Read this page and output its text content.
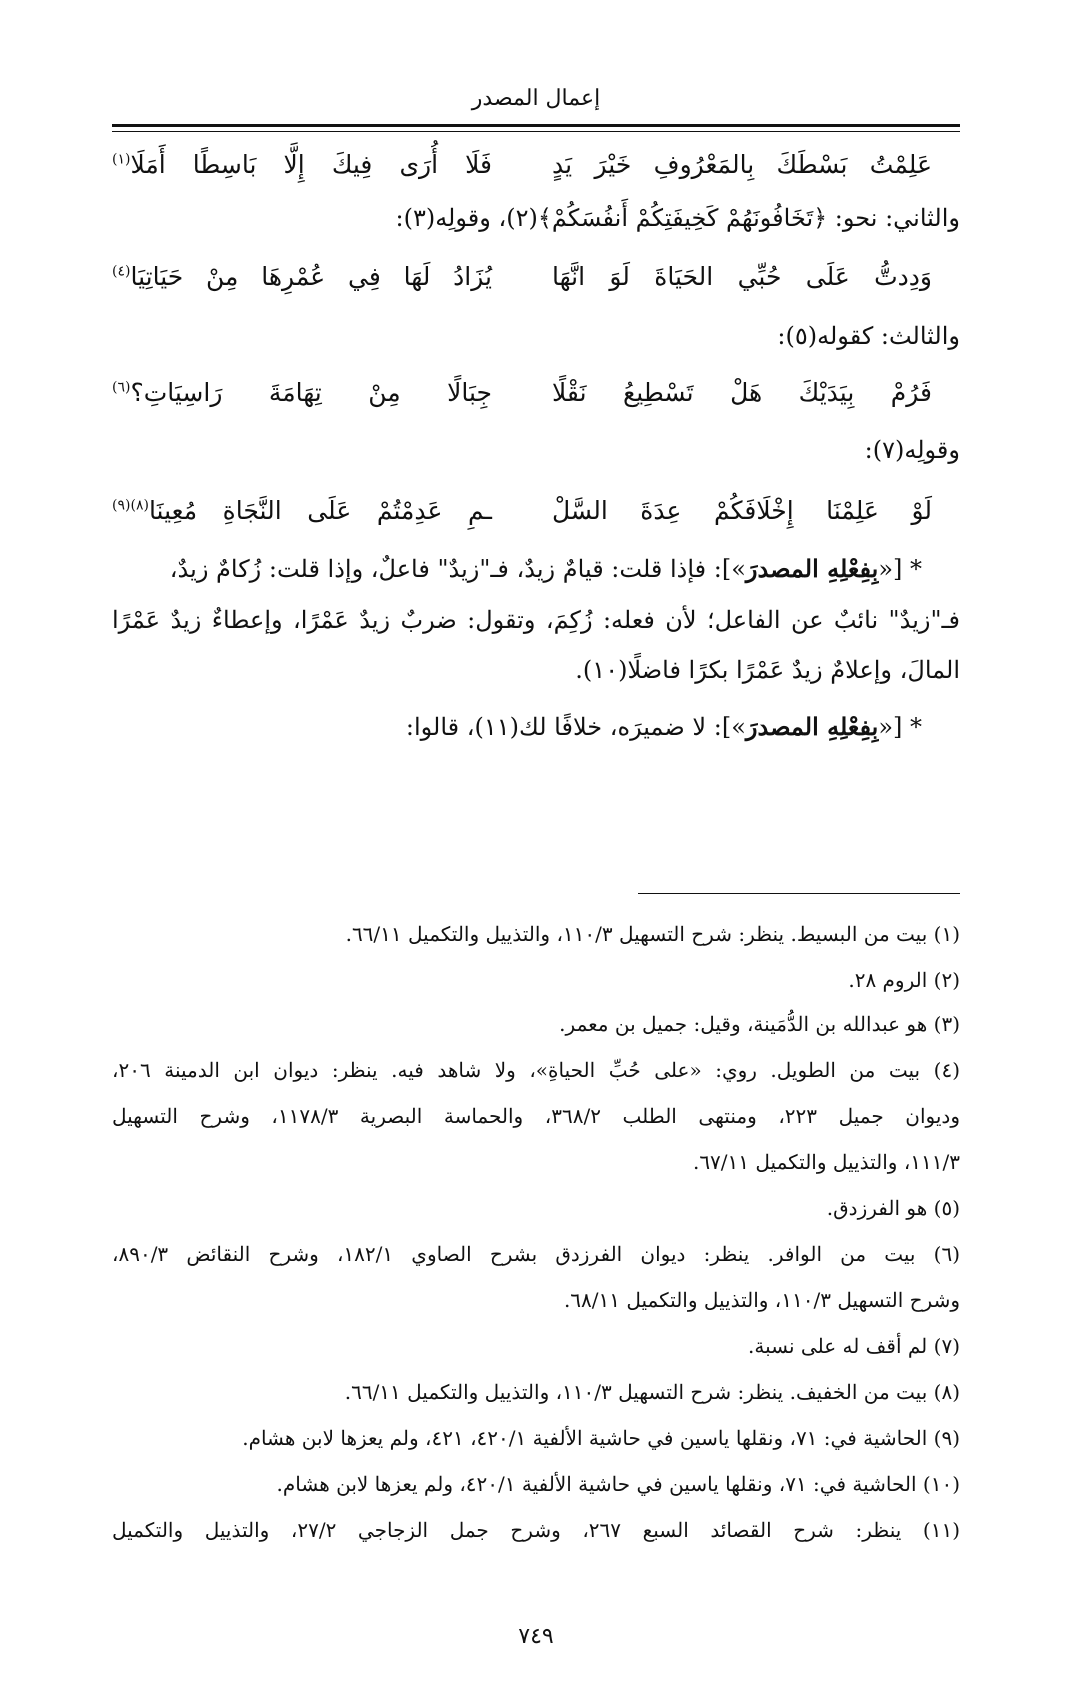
إعمال المصدر
عَلِمْتُ بَسْطَكَ بِالمَعْرُوفِ خَيْرَ يَدٍ
فَلَا أُرَى فِيكَ إِلَّا بَاسِطًا أَمَلَا$^{(١)}$
والثاني: نحو: ﴿تَخَافُونَهُمْ كَخِيفَتِكُمْ أَنفُسَكُمْ﴾(٢)، وقولِه(٣):
وَدِدتُّ عَلَى حُبِّي الحَيَاةَ لَوَ انَّهَا
يُزَادُ لَهَا فِي عُمْرِهَا مِنْ حَيَاتِيَا$^{(٤)}$
والثالث: كقوله(٥):
فَرُمْ بِيَدَيْكَ هَلْ تَسْطِيعُ نَقْلًا
جِبَالًا مِنْ تِهَامَةَ رَاسِيَاتِ؟$^{(٦)}$
وقولِه(٧):
لَوْ عَلِمْنَا إِخْلَافَكُمْ عِدَةَ السَّلْ
ـمِ عَدِمْتُمْ عَلَى النَّجَاةِ مُعِينَا$^{(٨)(٩)}$
* [«بِفِعْلِهِ المصدرَ»]: فإذا قلت: قيامٌ زيدٌ، فـ"زيدٌ" فاعلٌ، وإذا قلت: زُكامٌ زيدٌ،
فـ"زيدٌ" نائبٌ عن الفاعل؛ لأن فعله: زُكِمَ، وتقول: ضربٌ زيدٌ عَمْرًا، وإعطاءٌ زيدٌ عَمْرًا
المالَ، وإعلامٌ زيدٌ عَمْرًا بكرًا فاضلًا(١٠).
* [«بِفِعْلِهِ المصدرَ»]: لا ضميرَه، خلافًا لك(١١)، قالوا:
(١) بيت من البسيط. ينظر: شرح التسهيل ١١٠/٣، والتذييل والتكميل ٦٦/١١.
(٢) الروم ٢٨.
(٣) هو عبدالله بن الدُّمَينة، وقيل: جميل بن معمر.
(٤) بيت من الطويل. روي: «على حُبِّ الحياةِ»، ولا شاهد فيه. ينظر: ديوان ابن الدمينة ٢٠٦،
وديوان جميل ٢٢٣، ومنتهى الطلب ٣٦٨/٢، والحماسة البصرية ١١٧٨/٣، وشرح التسهيل
١١١/٣، والتذييل والتكميل ٦٧/١١.
(٥) هو الفرزدق.
(٦) بيت من الوافر. ينظر: ديوان الفرزدق بشرح الصاوي ١٨٢/١، وشرح النقائض ٨٩٠/٣،
وشرح التسهيل ١١٠/٣، والتذييل والتكميل ٦٨/١١.
(٧) لم أقف له على نسبة.
(٨) بيت من الخفيف. ينظر: شرح التسهيل ١١٠/٣، والتذييل والتكميل ٦٦/١١.
(٩) الحاشية في: ٧١، ونقلها ياسين في حاشية الألفية ٤٢٠/١، ٤٢١، ولم يعزها لابن هشام.
(١٠) الحاشية في: ٧١، ونقلها ياسين في حاشية الألفية ٤٢٠/١، ولم يعزها لابن هشام.
(١١) ينظر: شرح القصائد السبع ٢٦٧، وشرح جمل الزجاجي ٢٧/٢، والتذييل والتكميل
٧٤٩
